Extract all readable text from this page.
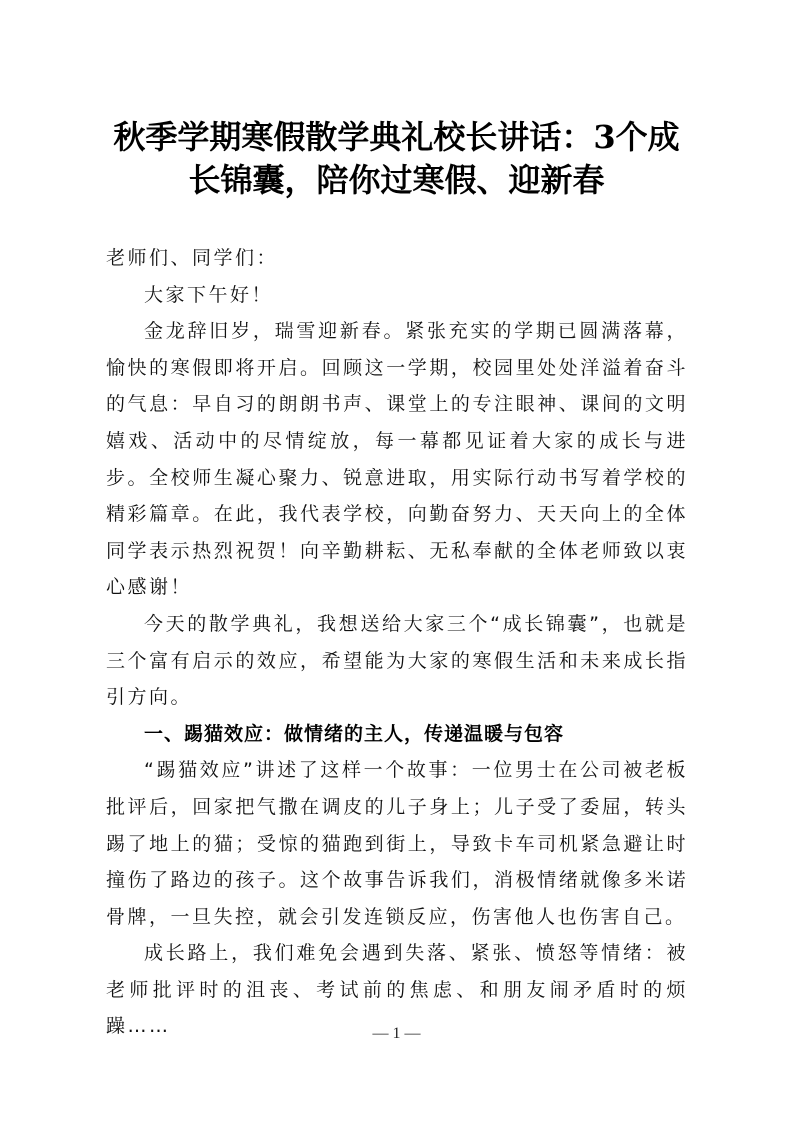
秋季学期寒假散学典礼校长讲话：3个成长锦囊，陪你过寒假、迎新春

老师们、同学们：

大家下午好！

金龙辞旧岁，瑞雪迎新春。紧张充实的学期已圆满落幕，愉快的寒假即将开启。回顾这一学期，校园里处处洋溢着奋斗的气息：早自习的朗朗书声、课堂上的专注眼神、课间的文明嬉戏、活动中的尽情绽放，每一幕都见证着大家的成长与进步。全校师生凝心聚力、锐意进取，用实际行动书写着学校的精彩篇章。在此，我代表学校，向勤奋努力、天天向上的全体同学表示热烈祝贺！向辛勤耕耘、无私奉献的全体老师致以衷心感谢！

今天的散学典礼，我想送给大家三个“成长锦囊”，也就是三个富有启示的效应，希望能为大家的寒假生活和未来成长指引方向。

一、踢猫效应：做情绪的主人，传递温暖与包容

“踢猫效应”讲述了这样一个故事：一位男士在公司被老板批评后，回家把气撒在调皮的儿子身上；儿子受了委屈，转头踢了地上的猫；受惊的猫跑到街上，导致卡车司机紧急避让时撞伤了路边的孩子。这个故事告诉我们，消极情绪就像多米诺骨牌，一旦失控，就会引发连锁反应，伤害他人也伤害自己。

成长路上，我们难免会遇到失落、紧张、愤怒等情绪：被老师批评时的沮丧、考试前的焦虑、和朋友闹矛盾时的烦躁……	— 1 —
